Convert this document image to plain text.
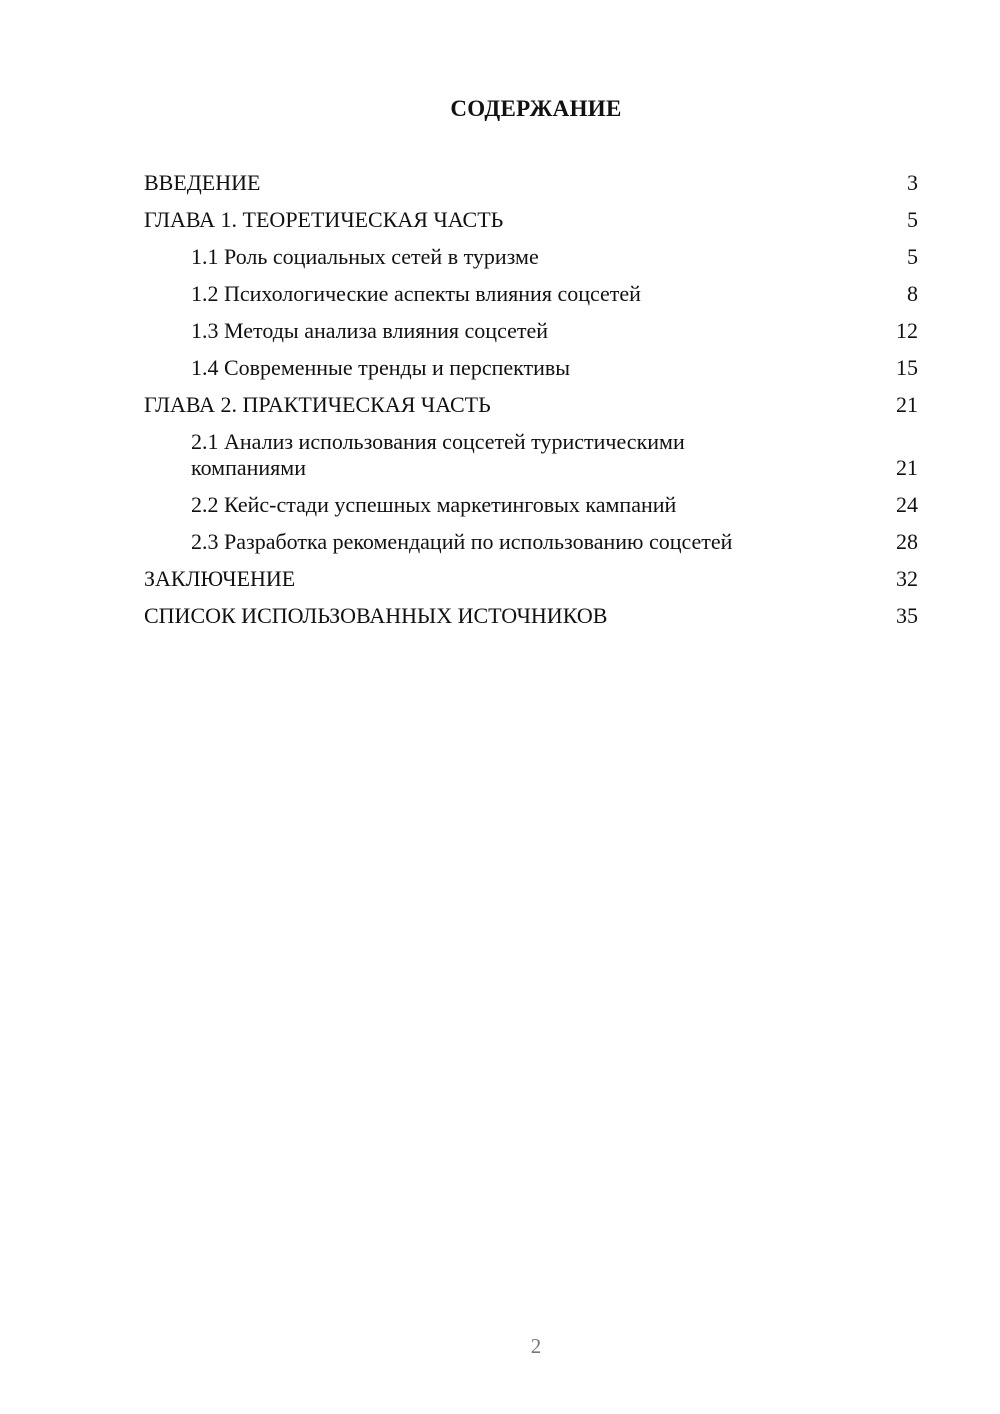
СОДЕРЖАНИЕ
ВВЕДЕНИЕ	3
ГЛАВА 1. ТЕОРЕТИЧЕСКАЯ ЧАСТЬ	5
1.1 Роль социальных сетей в туризме	5
1.2 Психологические аспекты влияния соцсетей	8
1.3 Методы анализа влияния соцсетей	12
1.4 Современные тренды и перспективы	15
ГЛАВА 2. ПРАКТИЧЕСКАЯ ЧАСТЬ	21
2.1 Анализ использования соцсетей туристическими компаниями	21
2.2 Кейс-стади успешных маркетинговых кампаний	24
2.3 Разработка рекомендаций по использованию соцсетей	28
ЗАКЛЮЧЕНИЕ	32
СПИСОК ИСПОЛЬЗОВАННЫХ ИСТОЧНИКОВ	35
2
